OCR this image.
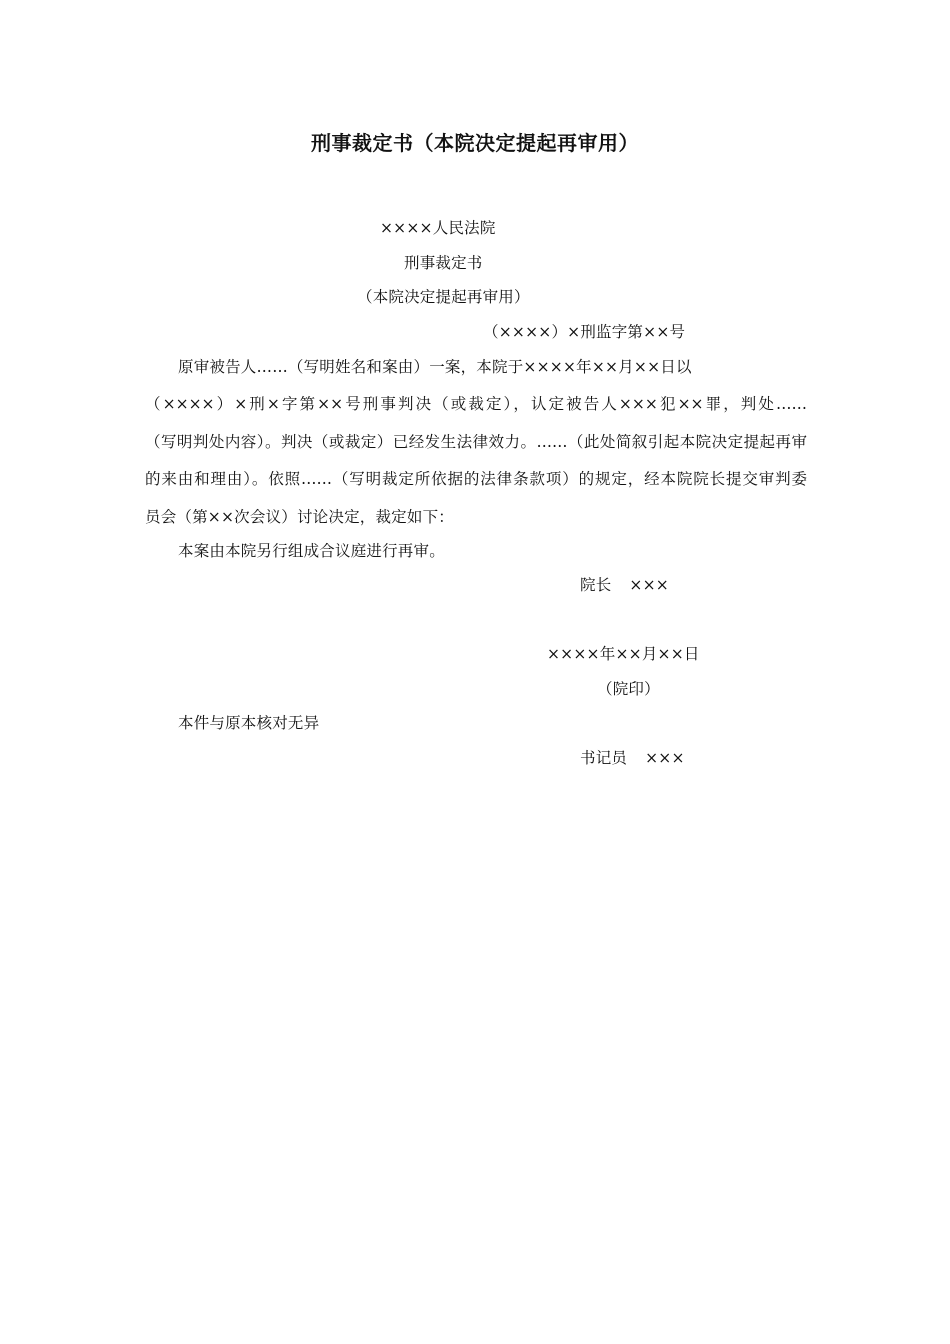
刑事裁定书（本院决定提起再审用）
××××人民法院
刑事裁定书
（本院决定提起再审用）
（××××）×刑监字第××号
原审被告人……（写明姓名和案由）一案，本院于××××年××月××日以
（××××）×刑×字第××号刑事判决（或裁定），认定被告人×××犯××罪，判处……
（写明判处内容）。判决（或裁定）已经发生法律效力。……（此处简叙引起本院决定提起再审
的来由和理由）。依照……（写明裁定所依据的法律条款项）的规定，经本院院长提交审判委
员会（第××次会议）讨论决定，裁定如下：
本案由本院另行组成合议庭进行再审。
院长 ×××
××××年××月××日
（院印）
本件与原本核对无异
书记员 ×××
